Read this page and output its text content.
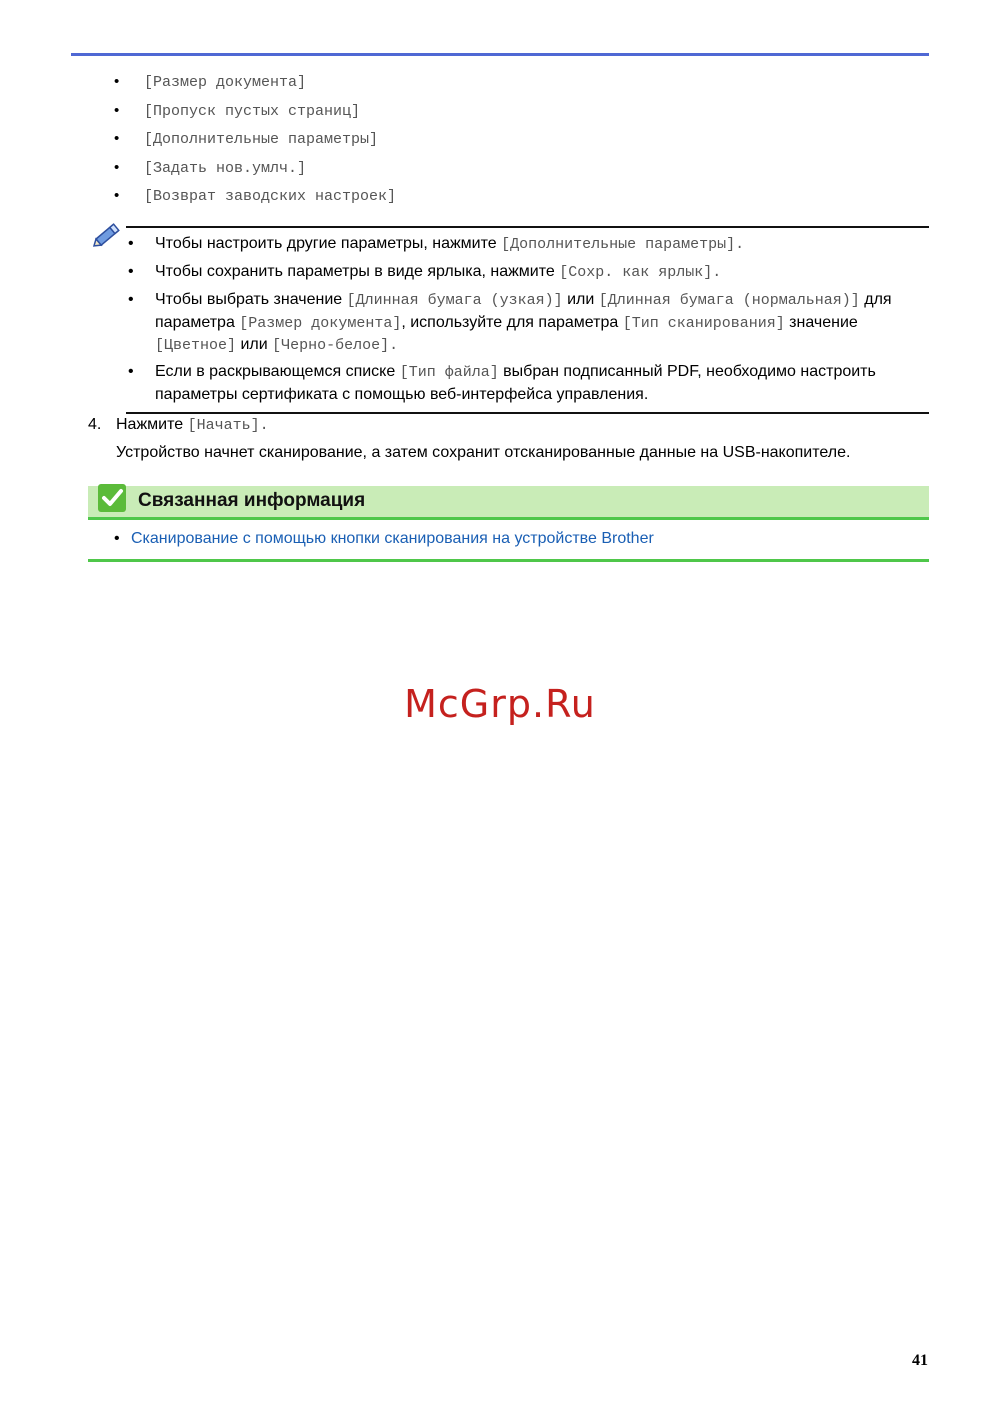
• [Размер документа]
• [Пропуск пустых страниц]
• [Дополнительные параметры]
• [Задать нов.умлч.]
• [Возврат заводских настроек]
• Чтобы настроить другие параметры, нажмите [Дополнительные параметры].
• Чтобы сохранить параметры в виде ярлыка, нажмите [Сохр. как ярлык].
• Чтобы выбрать значение [Длинная бумага (узкая)] или [Длинная бумага (нормальная)] для параметра [Размер документа], используйте для параметра [Тип сканирования] значение [Цветное] или [Черно-белое].
• Если в раскрывающемся списке [Тип файла] выбран подписанный PDF, необходимо настроить параметры сертификата с помощью веб-интерфейса управления.
4. Нажмите [Начать].
Устройство начнет сканирование, а затем сохранит отсканированные данные на USB-накопителе.
Связанная информация
• Сканирование с помощью кнопки сканирования на устройстве Brother
McGrp.Ru
41
